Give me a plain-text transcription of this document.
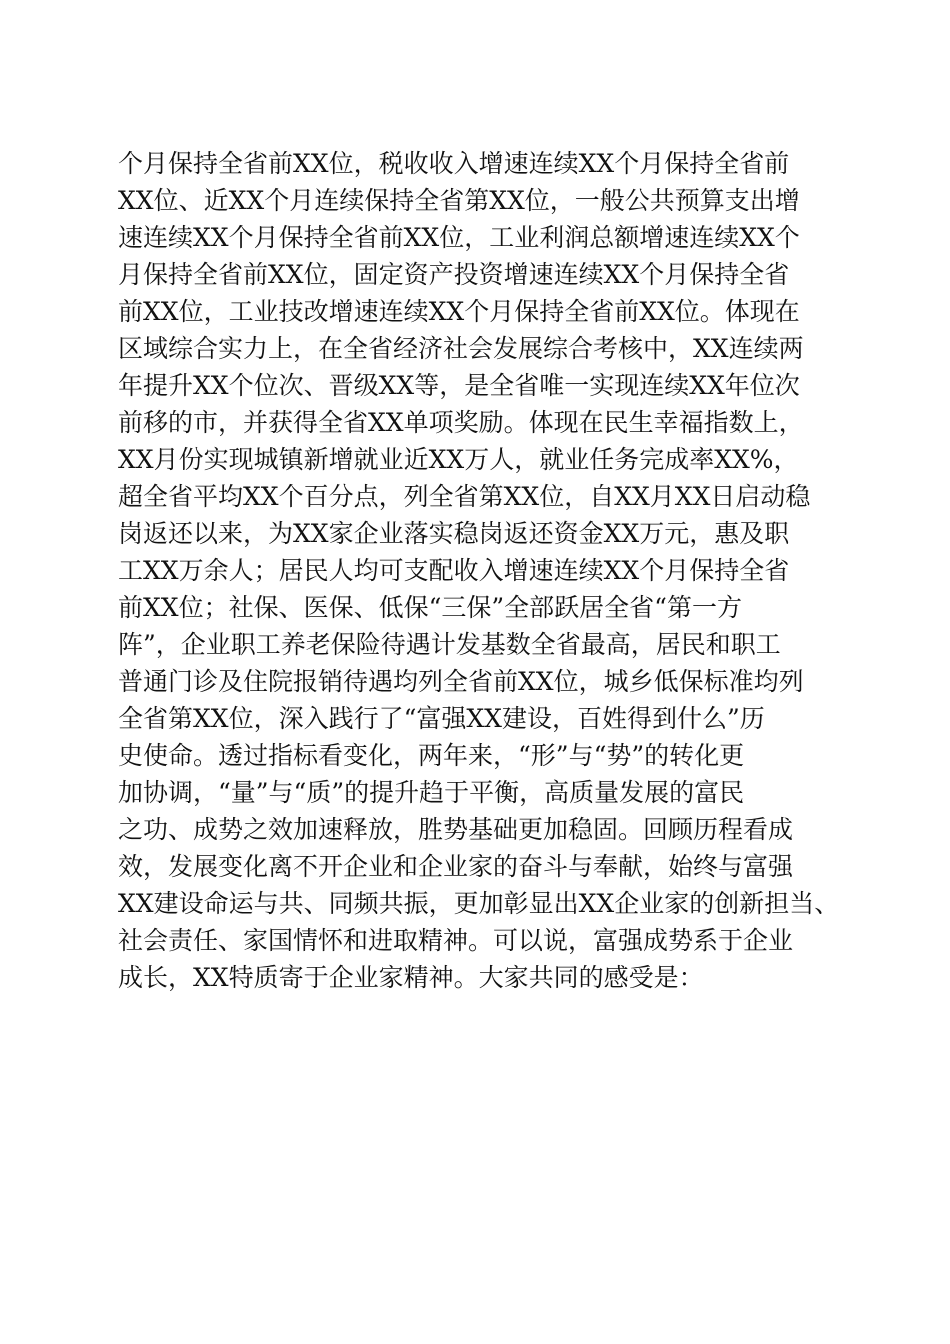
个月保持全省前XX位，税收收入增速连续XX个月保持全省前
XX位、近XX个月连续保持全省第XX位，一般公共预算支出增
速连续XX个月保持全省前XX位，工业利润总额增速连续XX个
月保持全省前XX位，固定资产投资增速连续XX个月保持全省
前XX位，工业技改增速连续XX个月保持全省前XX位。体现在
区域综合实力上，在全省经济社会发展综合考核中，XX连续两
年提升XX个位次、晋级XX等，是全省唯一实现连续XX年位次
前移的市，并获得全省XX单项奖励。体现在民生幸福指数上，
XX月份实现城镇新增就业近XX万人，就业任务完成率XX%，
超全省平均XX个百分点，列全省第XX位，自XX月XX日启动稳
岗返还以来，为XX家企业落实稳岗返还资金XX万元，惠及职
工XX万余人；居民人均可支配收入增速连续XX个月保持全省
前XX位；社保、医保、低保“三保”全部跃居全省“第一方
阵”，企业职工养老保险待遇计发基数全省最高，居民和职工
普通门诊及住院报销待遇均列全省前XX位，城乡低保标准均列
全省第XX位，深入践行了“富强XX建设，百姓得到什么”历
史使命。透过指标看变化，两年来，“形”与“势”的转化更
加协调，“量”与“质”的提升趋于平衡，高质量发展的富民
之功、成势之效加速释放，胜势基础更加稳固。回顾历程看成
效，发展变化离不开企业和企业家的奋斗与奉献，始终与富强
XX建设命运与共、同频共振，更加彰显出XX企业家的创新担当、
社会责任、家国情怀和进取精神。可以说，富强成势系于企业
成长，XX特质寄于企业家精神。大家共同的感受是：
